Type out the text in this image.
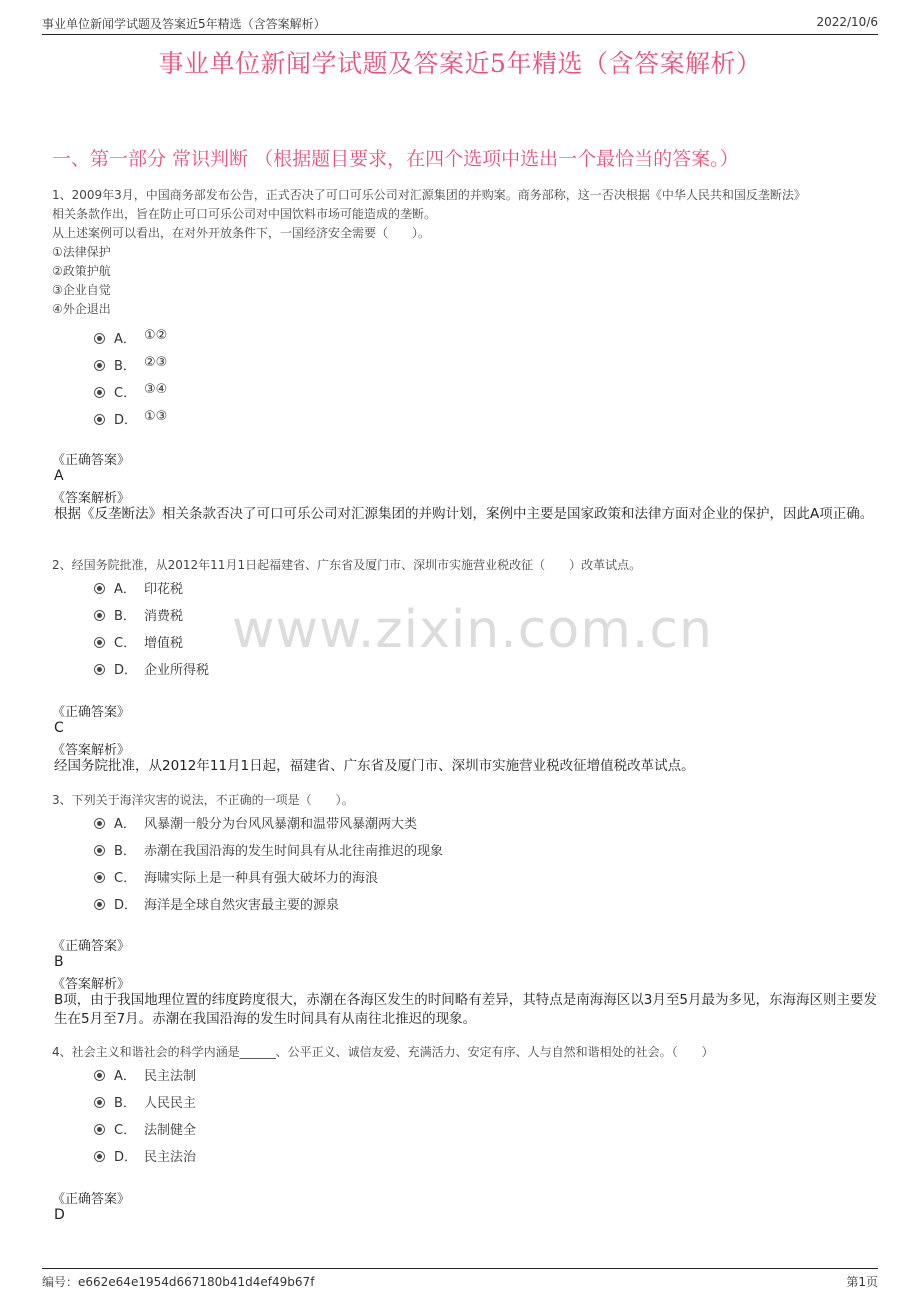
事业单位新闻学试题及答案近5年精选（含答案解析）	2022/10/6
事业单位新闻学试题及答案近5年精选（含答案解析）
一、第一部分 常识判断 （根据题目要求，在四个选项中选出一个最恰当的答案。）
www.zixin.com.cn
1、2009年3月，中国商务部发布公告，正式否决了可口可乐公司对汇源集团的并购案。商务部称，这一否决根据《中华人民共和国反垄断法》
相关条款作出，旨在防止可口可乐公司对中国饮料市场可能造成的垄断。
从上述案例可以看出，在对外开放条件下，一国经济安全需要（　　）。
①法律保护
②政策护航
③企业自觉
④外企退出
A． ①②
B． ②③
C． ③④
D． ①③
《正确答案》
A
《答案解析》
根据《反垄断法》相关条款否决了可口可乐公司对汇源集团的并购计划，案例中主要是国家政策和法律方面对企业的保护，因此A项正确。
2、经国务院批准，从2012年11月1日起福建省、广东省及厦门市、深圳市实施营业税改征（　　）改革试点。
A． 印花税
B． 消费税
C． 增值税
D． 企业所得税
《正确答案》
C
《答案解析》
经国务院批准，从2012年11月1日起，福建省、广东省及厦门市、深圳市实施营业税改征增值税改革试点。
3、下列关于海洋灾害的说法，不正确的一项是（　　）。
A． 风暴潮一般分为台风风暴潮和温带风暴潮两大类
B． 赤潮在我国沿海的发生时间具有从北往南推迟的现象
C． 海啸实际上是一种具有强大破坏力的海浪
D． 海洋是全球自然灾害最主要的源泉
《正确答案》
B
《答案解析》
B项，由于我国地理位置的纬度跨度很大，赤潮在各海区发生的时间略有差异，其特点是南海海区以3月至5月最为多见，东海海区则主要发生在5月至7月。赤潮在我国沿海的发生时间具有从南往北推迟的现象。
4、社会主义和谐社会的科学内涵是______、公平正义、诚信友爱、充满活力、安定有序、人与自然和谐相处的社会。（　　）
A． 民主法制
B． 人民民主
C． 法制健全
D． 民主法治
《正确答案》
D
编号：e662e64e1954d667180b41d4ef49b67f	第1页
